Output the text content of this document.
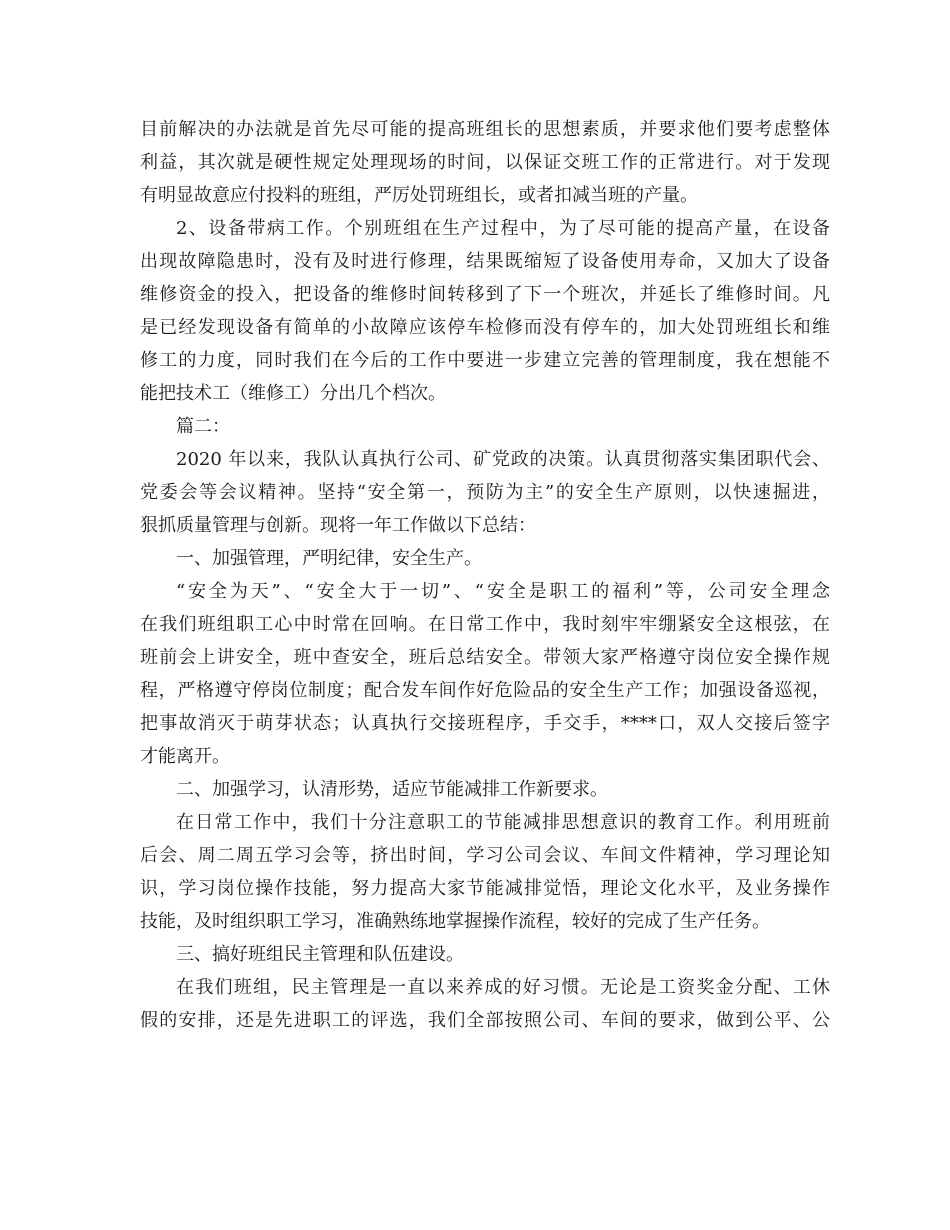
目前解决的办法就是首先尽可能的提高班组长的思想素质，并要求他们要考虑整体
利益，其次就是硬性规定处理现场的时间，以保证交班工作的正常进行。对于发现
有明显故意应付投料的班组，严厉处罚班组长，或者扣减当班的产量。
2、设备带病工作。个别班组在生产过程中，为了尽可能的提高产量，在设备
出现故障隐患时，没有及时进行修理，结果既缩短了设备使用寿命，又加大了设备
维修资金的投入，把设备的维修时间转移到了下一个班次，并延长了维修时间。凡
是已经发现设备有简单的小故障应该停车检修而没有停车的，加大处罚班组长和维
修工的力度，同时我们在今后的工作中要进一步建立完善的管理制度，我在想能不
能把技术工（维修工）分出几个档次。
篇二：
2020 年以来，我队认真执行公司、矿党政的决策。认真贯彻落实集团职代会、
党委会等会议精神。坚持“安全第一，预防为主”的安全生产原则，以快速掘进，
狠抓质量管理与创新。现将一年工作做以下总结：
一、加强管理，严明纪律，安全生产。
“安全为天”、“安全大于一切”、“安全是职工的福利”等，公司安全理念
在我们班组职工心中时常在回响。在日常工作中，我时刻牢牢绷紧安全这根弦，在
班前会上讲安全，班中查安全，班后总结安全。带领大家严格遵守岗位安全操作规
程，严格遵守停岗位制度；配合发车间作好危险品的安全生产工作；加强设备巡视，
把事故消灭于萌芽状态；认真执行交接班程序，手交手，****口，双人交接后签字
才能离开。
二、加强学习，认清形势，适应节能减排工作新要求。
在日常工作中，我们十分注意职工的节能减排思想意识的教育工作。利用班前
后会、周二周五学习会等，挤出时间，学习公司会议、车间文件精神，学习理论知
识，学习岗位操作技能，努力提高大家节能减排觉悟，理论文化水平，及业务操作
技能，及时组织职工学习，准确熟练地掌握操作流程，较好的完成了生产任务。
三、搞好班组民主管理和队伍建设。
在我们班组，民主管理是一直以来养成的好习惯。无论是工资奖金分配、工休
假的安排，还是先进职工的评选，我们全部按照公司、车间的要求，做到公平、公
